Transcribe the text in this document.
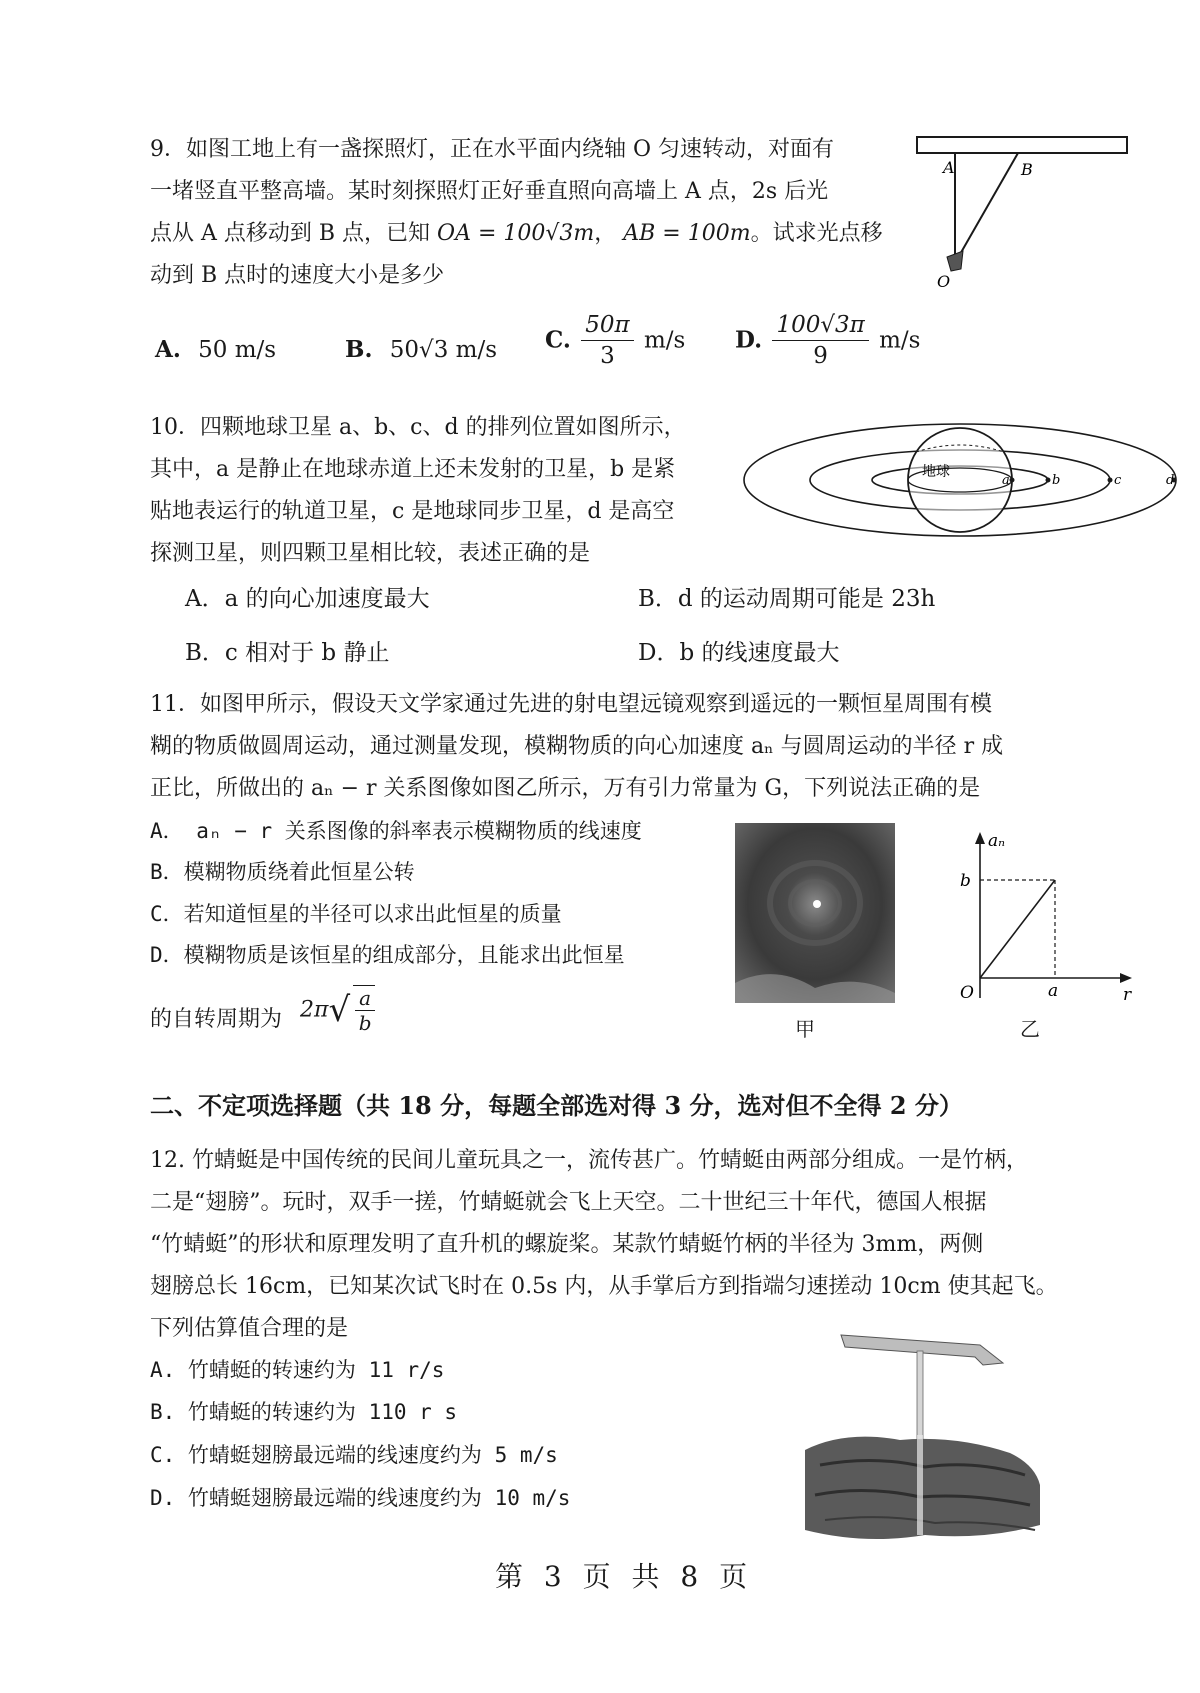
9．如图工地上有一盏探照灯，正在水平面内绕轴 O 匀速转动，对面有
一堵竖直平整高墙。某时刻探照灯正好垂直照向高墙上 A 点，2s 后光
点从 A 点移动到 B 点，已知 OA = 100√3m， AB = 100m。试求光点移
动到 B 点时的速度大小是多少
A	B
O
A. 50 m/s	B. 50√3 m/s C. $\frac{50\pi}{3} m/s$ D. $\frac{100√3\pi}{9} m/s$
10．四颗地球卫星 a、b、c、d 的排列位置如图所示，
其中，a 是静止在地球赤道上还未发射的卫星，b 是紧
贴地表运行的轨道卫星，c 是地球同步卫星，d 是高空
探测卫星，则四颗卫星相比较，表述正确的是
地球
a	b	c	d
A．a 的向心加速度最大	B．d 的运动周期可能是 23h
B．c 相对于 b 静止	D．b 的线速度最大
11．如图甲所示，假设天文学家通过先进的射电望远镜观察到遥远的一颗恒星周围有模
糊的物质做圆周运动，通过测量发现，模糊物质的向心加速度 aₙ 与圆周运动的半径 r 成
正比，所做出的 aₙ − r 关系图像如图乙所示，万有引力常量为 G，下列说法正确的是
A． aₙ − r 关系图像的斜率表示模糊物质的线速度
B．模糊物质绕着此恒星公转
C．若知道恒星的半径可以求出此恒星的质量
D．模糊物质是该恒星的组成部分，且能求出此恒星
的自转周期为 $2\pi√ \frac{a}{b}$	甲
aₙ
r
O
b
a
乙
二、不定项选择题（共 18 分，每题全部选对得 3 分，选对但不全得 2 分）
12. 竹蜻蜓是中国传统的民间儿童玩具之一，流传甚广。竹蜻蜓由两部分组成。一是竹柄，
二是“翅膀”。玩时，双手一搓，竹蜻蜓就会飞上天空。二十世纪三十年代，德国人根据
“竹蜻蜓”的形状和原理发明了直升机的螺旋桨。某款竹蜻蜓竹柄的半径为 3mm，两侧
翅膀总长 16cm，已知某次试飞时在 0.5s 内，从手掌后方到指端匀速搓动 10cm 使其起飞。
下列估算值合理的是
A. 竹蜻蜓的转速约为 11 r/s
B. 竹蜻蜓的转速约为 110 r s
C. 竹蜻蜓翅膀最远端的线速度约为 5 m/s
D. 竹蜻蜓翅膀最远端的线速度约为 10 m/s
第 3 页 共 8 页
